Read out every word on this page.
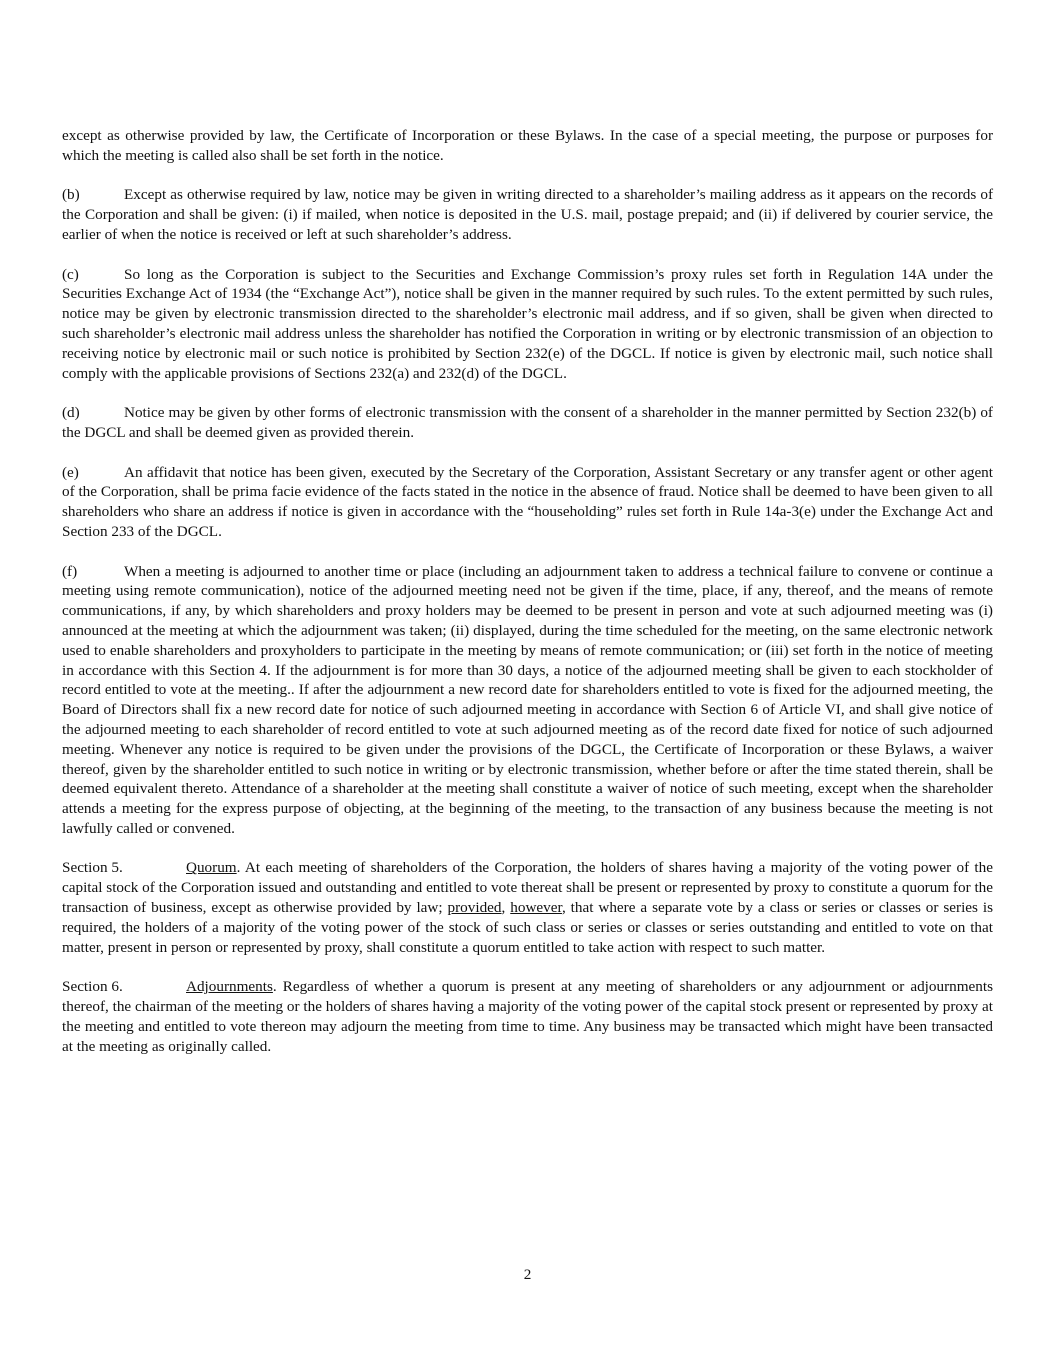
except as otherwise provided by law, the Certificate of Incorporation or these Bylaws. In the case of a special meeting, the purpose or purposes for which the meeting is called also shall be set forth in the notice.

(b)	Except as otherwise required by law, notice may be given in writing directed to a shareholder’s mailing address as it appears on the records of the Corporation and shall be given: (i) if mailed, when notice is deposited in the U.S. mail, postage prepaid; and (ii) if delivered by courier service, the earlier of when the notice is received or left at such shareholder’s address.

(c)	So long as the Corporation is subject to the Securities and Exchange Commission’s proxy rules set forth in Regulation 14A under the Securities Exchange Act of 1934 (the “Exchange Act”), notice shall be given in the manner required by such rules. To the extent permitted by such rules, notice may be given by electronic transmission directed to the shareholder’s electronic mail address, and if so given, shall be given when directed to such shareholder’s electronic mail address unless the shareholder has notified the Corporation in writing or by electronic transmission of an objection to receiving notice by electronic mail or such notice is prohibited by Section 232(e) of the DGCL. If notice is given by electronic mail, such notice shall comply with the applicable provisions of Sections 232(a) and 232(d) of the DGCL.

(d)	Notice may be given by other forms of electronic transmission with the consent of a shareholder in the manner permitted by Section 232(b) of the DGCL and shall be deemed given as provided therein.

(e)	An affidavit that notice has been given, executed by the Secretary of the Corporation, Assistant Secretary or any transfer agent or other agent of the Corporation, shall be prima facie evidence of the facts stated in the notice in the absence of fraud. Notice shall be deemed to have been given to all shareholders who share an address if notice is given in accordance with the “householding” rules set forth in Rule 14a-3(e) under the Exchange Act and Section 233 of the DGCL.

(f)	When a meeting is adjourned to another time or place (including an adjournment taken to address a technical failure to convene or continue a meeting using remote communication), notice of the adjourned meeting need not be given if the time, place, if any, thereof, and the means of remote communications, if any, by which shareholders and proxy holders may be deemed to be present in person and vote at such adjourned meeting was (i) announced at the meeting at which the adjournment was taken; (ii) displayed, during the time scheduled for the meeting, on the same electronic network used to enable shareholders and proxyholders to participate in the meeting by means of remote communication; or (iii) set forth in the notice of meeting in accordance with this Section 4. If the adjournment is for more than 30 days, a notice of the adjourned meeting shall be given to each stockholder of record entitled to vote at the meeting.. If after the adjournment a new record date for shareholders entitled to vote is fixed for the adjourned meeting, the Board of Directors shall fix a new record date for notice of such adjourned meeting in accordance with Section 6 of Article VI, and shall give notice of the adjourned meeting to each shareholder of record entitled to vote at such adjourned meeting as of the record date fixed for notice of such adjourned meeting. Whenever any notice is required to be given under the provisions of the DGCL, the Certificate of Incorporation or these Bylaws, a waiver thereof, given by the shareholder entitled to such notice in writing or by electronic transmission, whether before or after the time stated therein, shall be deemed equivalent thereto. Attendance of a shareholder at the meeting shall constitute a waiver of notice of such meeting, except when the shareholder attends a meeting for the express purpose of objecting, at the beginning of the meeting, to the transaction of any business because the meeting is not lawfully called or convened.

Section 5.	Quorum. At each meeting of shareholders of the Corporation, the holders of shares having a majority of the voting power of the capital stock of the Corporation issued and outstanding and entitled to vote thereat shall be present or represented by proxy to constitute a quorum for the transaction of business, except as otherwise provided by law; provided, however, that where a separate vote by a class or series or classes or series is required, the holders of a majority of the voting power of the stock of such class or series or classes or series outstanding and entitled to vote on that matter, present in person or represented by proxy, shall constitute a quorum entitled to take action with respect to such matter.

Section 6.	Adjournments. Regardless of whether a quorum is present at any meeting of shareholders or any adjournment or adjournments thereof, the chairman of the meeting or the holders of shares having a majority of the voting power of the capital stock present or represented by proxy at the meeting and entitled to vote thereon may adjourn the meeting from time to time. Any business may be transacted which might have been transacted at the meeting as originally called.

2
